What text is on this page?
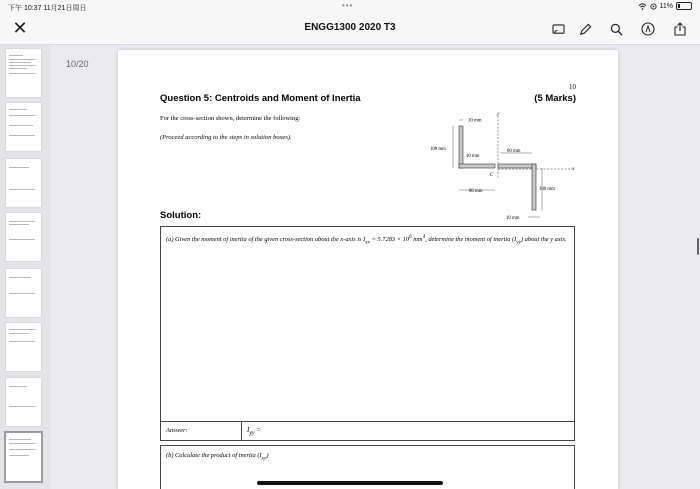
下午 10:37 11月21日周日	•••	11%
✕	ENGG1300 2020 T3
10/20
10
Question 5: Centroids and Moment of Inertia	(5 Marks)
For the cross-section shown, determine the following:
(Proceed according to the steps in solution boxes).
y
x
10 mm
100 mm
10 mm
80 mm
80 mm	100 mm
10 mm
C
Solution:
(a) Given the moment of inertia of the given cross-section about the x-axis is $I_{xx} = 5.7283 \times 10^6$ $mm^4$, determine the moment of inertia $(I_{yy})$ about the y axis.
Answer:	$I_{yy}$ =
(b) Calculate the product of inertia $(I_{xy})$
